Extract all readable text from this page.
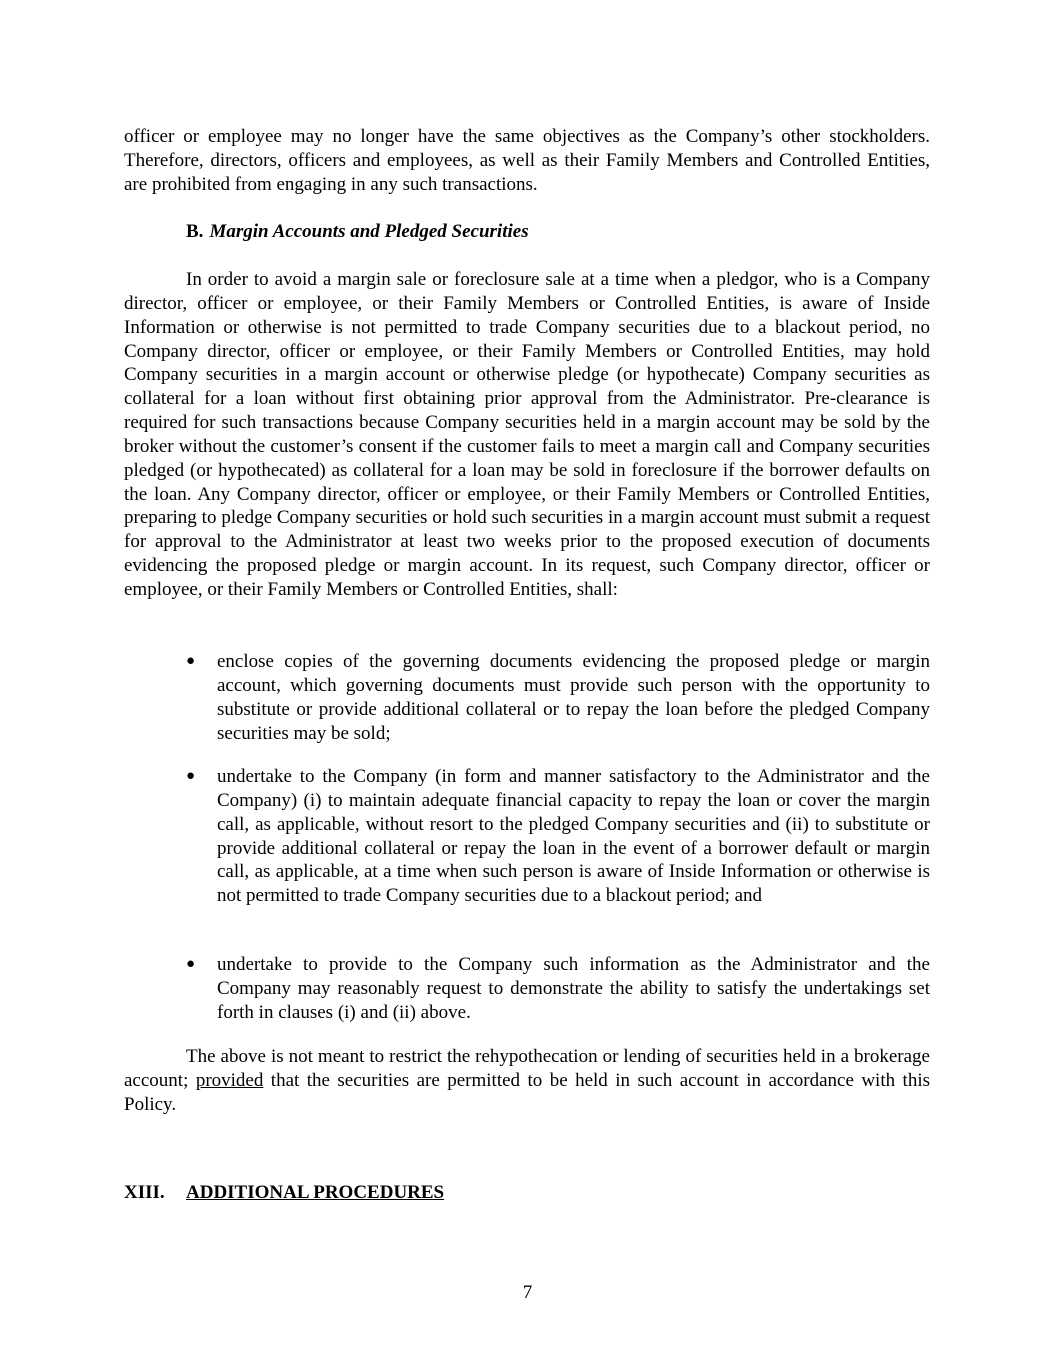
officer or employee may no longer have the same objectives as the Company’s other stockholders. Therefore, directors, officers and employees, as well as their Family Members and Controlled Entities, are prohibited from engaging in any such transactions.

B. Margin Accounts and Pledged Securities

In order to avoid a margin sale or foreclosure sale at a time when a pledgor, who is a Company director, officer or employee, or their Family Members or Controlled Entities, is aware of Inside Information or otherwise is not permitted to trade Company securities due to a blackout period, no Company director, officer or employee, or their Family Members or Controlled Entities, may hold Company securities in a margin account or otherwise pledge (or hypothecate) Company securities as collateral for a loan without first obtaining prior approval from the Administrator. Pre-clearance is required for such transactions because Company securities held in a margin account may be sold by the broker without the customer’s consent if the customer fails to meet a margin call and Company securities pledged (or hypothecated) as collateral for a loan may be sold in foreclosure if the borrower defaults on the loan. Any Company director, officer or employee, or their Family Members or Controlled Entities, preparing to pledge Company securities or hold such securities in a margin account must submit a request for approval to the Administrator at least two weeks prior to the proposed execution of documents evidencing the proposed pledge or margin account. In its request, such Company director, officer or employee, or their Family Members or Controlled Entities, shall:

●	enclose copies of the governing documents evidencing the proposed pledge or margin account, which governing documents must provide such person with the opportunity to substitute or provide additional collateral or to repay the loan before the pledged Company securities may be sold;
●	undertake to the Company (in form and manner satisfactory to the Administrator and the Company) (i) to maintain adequate financial capacity to repay the loan or cover the margin call, as applicable, without resort to the pledged Company securities and (ii) to substitute or provide additional collateral or repay the loan in the event of a borrower default or margin call, as applicable, at a time when such person is aware of Inside Information or otherwise is not permitted to trade Company securities due to a blackout period; and
●	undertake to provide to the Company such information as the Administrator and the Company may reasonably request to demonstrate the ability to satisfy the undertakings set forth in clauses (i) and (ii) above.

The above is not meant to restrict the rehypothecation or lending of securities held in a brokerage account; provided that the securities are permitted to be held in such account in accordance with this Policy.

XIII. ADDITIONAL PROCEDURES

7
